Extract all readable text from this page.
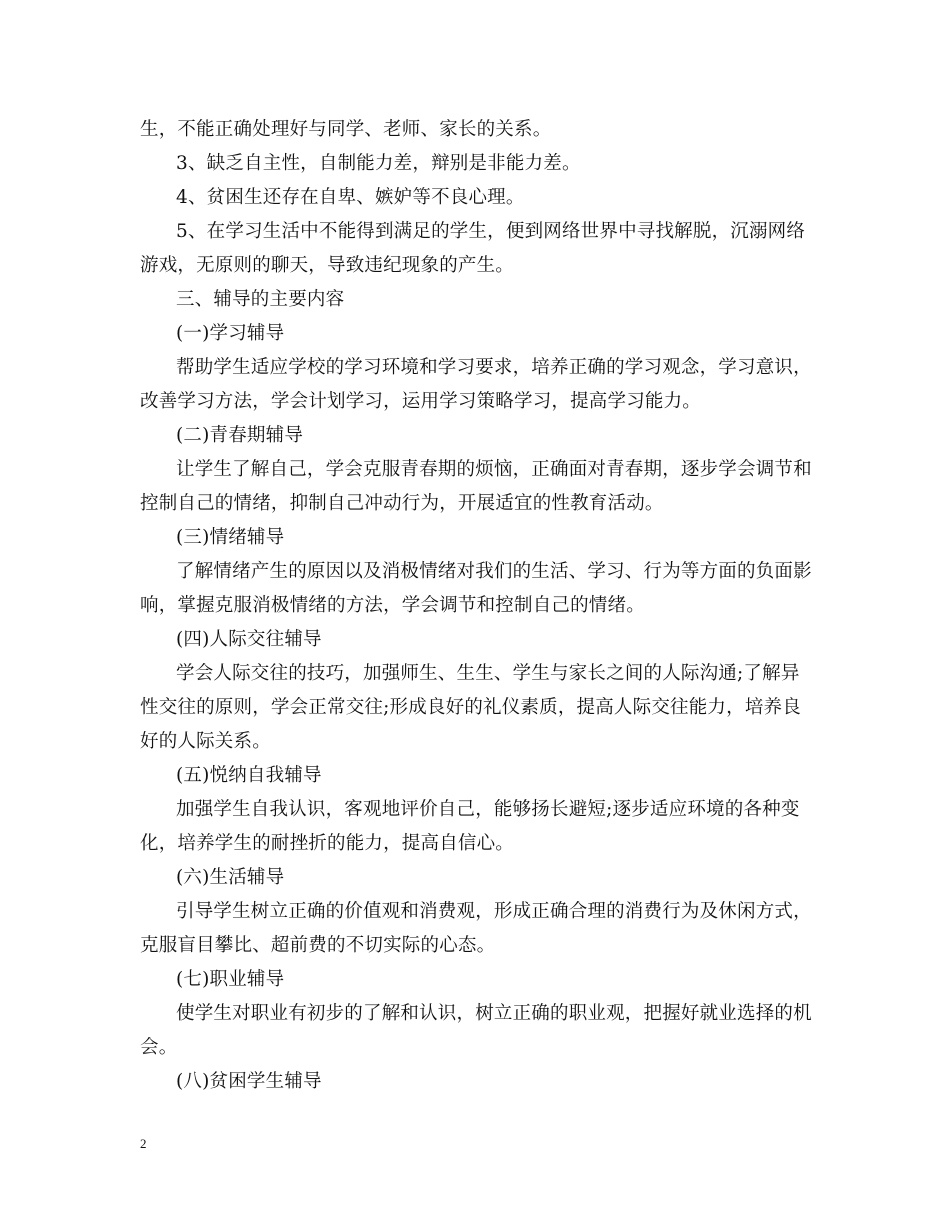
生，不能正确处理好与同学、老师、家长的关系。
3、缺乏自主性，自制能力差，辩别是非能力差。
4、贫困生还存在自卑、嫉妒等不良心理。
5、在学习生活中不能得到满足的学生，便到网络世界中寻找解脱，沉溺网络
游戏，无原则的聊天，导致违纪现象的产生。
三、辅导的主要内容
(一)学习辅导
帮助学生适应学校的学习环境和学习要求，培养正确的学习观念，学习意识，
改善学习方法，学会计划学习，运用学习策略学习，提高学习能力。
(二)青春期辅导
让学生了解自己，学会克服青春期的烦恼，正确面对青春期，逐步学会调节和
控制自己的情绪，抑制自己冲动行为，开展适宜的性教育活动。
(三)情绪辅导
了解情绪产生的原因以及消极情绪对我们的生活、学习、行为等方面的负面影
响，掌握克服消极情绪的方法，学会调节和控制自己的情绪。
(四)人际交往辅导
学会人际交往的技巧，加强师生、生生、学生与家长之间的人际沟通;了解异
性交往的原则，学会正常交往;形成良好的礼仪素质，提高人际交往能力，培养良
好的人际关系。
(五)悦纳自我辅导
加强学生自我认识，客观地评价自己，能够扬长避短;逐步适应环境的各种变
化，培养学生的耐挫折的能力，提高自信心。
(六)生活辅导
引导学生树立正确的价值观和消费观，形成正确合理的消费行为及休闲方式，
克服盲目攀比、超前费的不切实际的心态。
(七)职业辅导
使学生对职业有初步的了解和认识，树立正确的职业观，把握好就业选择的机
会。
(八)贫困学生辅导
2
